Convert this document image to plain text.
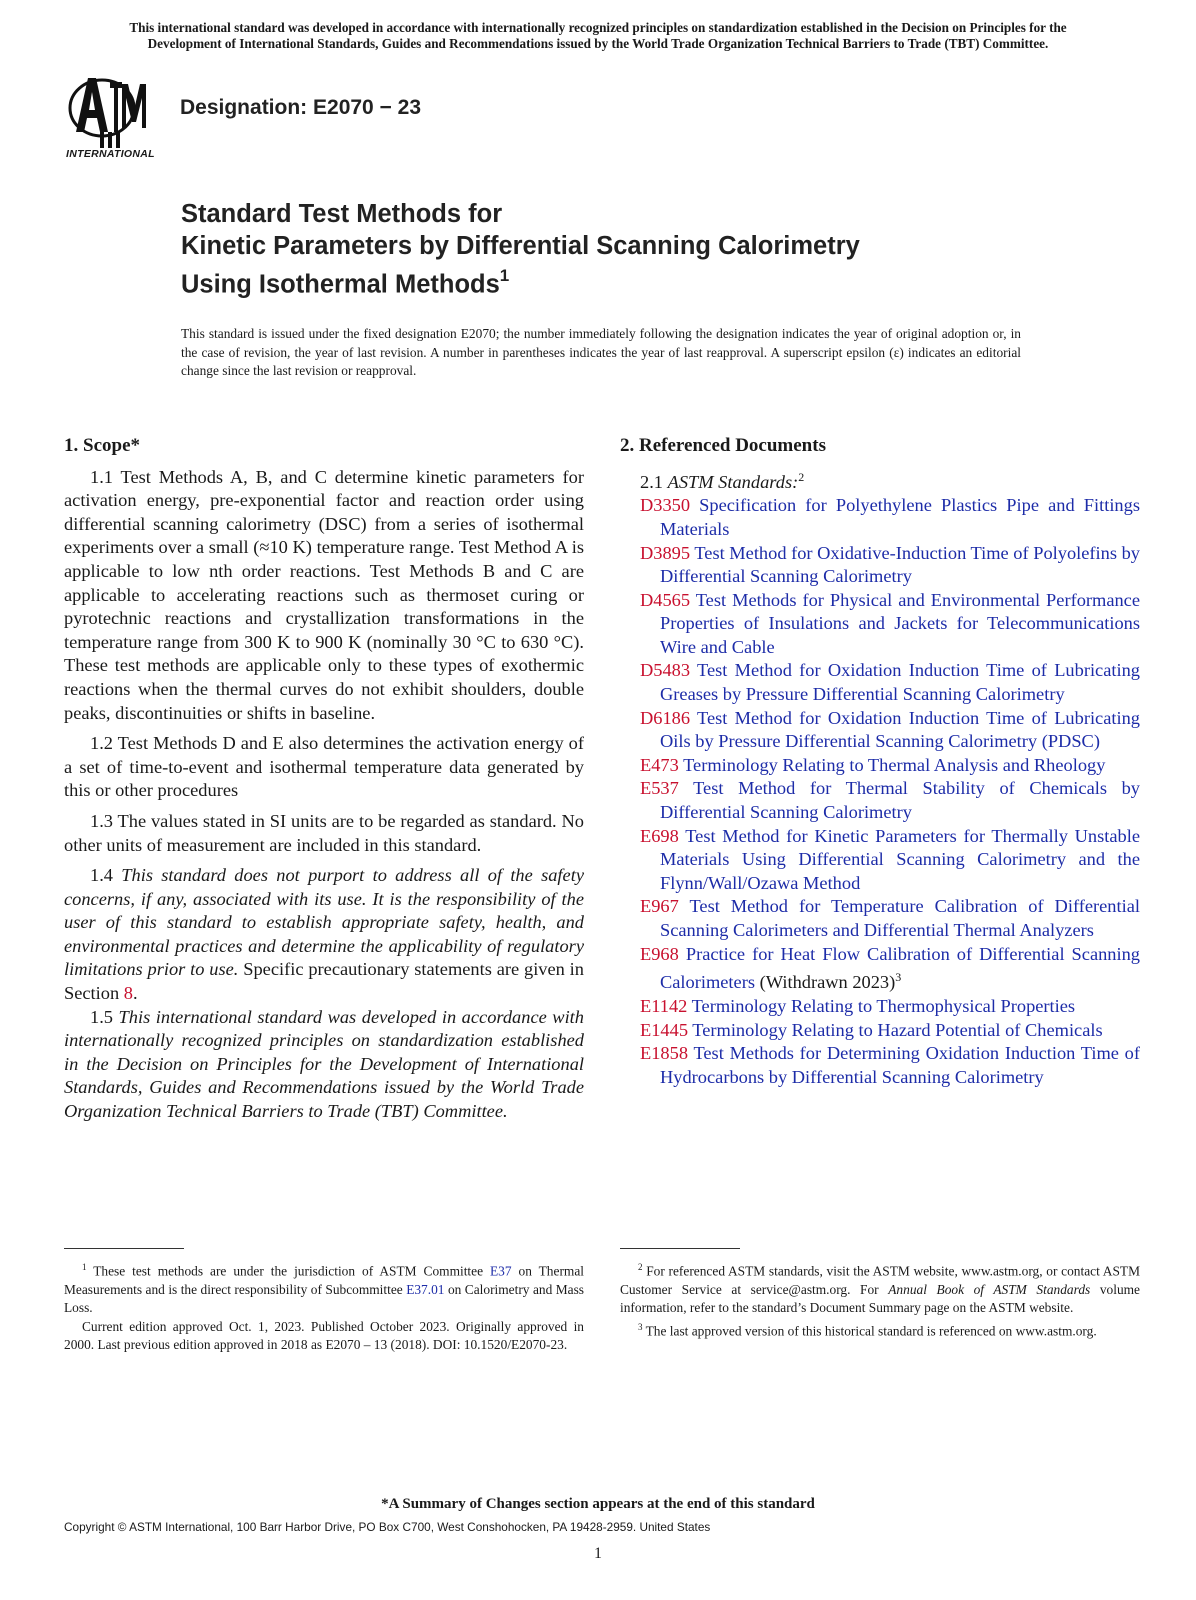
This international standard was developed in accordance with internationally recognized principles on standardization established in the Decision on Principles for the
Development of International Standards, Guides and Recommendations issued by the World Trade Organization Technical Barriers to Trade (TBT) Committee.
INTERNATIONAL
Designation: E2070 − 23
Standard Test Methods for
Kinetic Parameters by Differential Scanning Calorimetry
Using Isothermal Methods$^1$
This standard is issued under the fixed designation E2070; the number immediately following the designation indicates the year of original adoption or, in the case of revision, the year of last revision. A number in parentheses indicates the year of last reapproval. A superscript epsilon (ε) indicates an editorial change since the last revision or reapproval.
1. Scope*

1.1 Test Methods A, B, and C determine kinetic parameters for activation energy, pre-exponential factor and reaction order using differential scanning calorimetry (DSC) from a series of isothermal experiments over a small (≈10 K) temperature range. Test Method A is applicable to low nth order reactions. Test Methods B and C are applicable to accelerating reactions such as thermoset curing or pyrotechnic reactions and crystallization transformations in the temperature range from 300 K to 900 K (nominally 30 °C to 630 °C). These test methods are applicable only to these types of exothermic reactions when the thermal curves do not exhibit shoulders, double peaks, discontinuities or shifts in baseline.

1.2 Test Methods D and E also determines the activation energy of a set of time-to-event and isothermal temperature data generated by this or other procedures

1.3 The values stated in SI units are to be regarded as standard. No other units of measurement are included in this standard.

1.4 This standard does not purport to address all of the safety concerns, if any, associated with its use. It is the responsibility of the user of this standard to establish appropriate safety, health, and environmental practices and determine the applicability of regulatory limitations prior to use. Specific precautionary statements are given in Section 8.

1.5 This international standard was developed in accordance with internationally recognized principles on standardization established in the Decision on Principles for the Development of International Standards, Guides and Recommendations issued by the World Trade Organization Technical Barriers to Trade (TBT) Committee.

2. Referenced Documents
2.1 ASTM Standards:$^2$

D3350 Specification for Polyethylene Plastics Pipe and Fittings Materials

D3895 Test Method for Oxidative-Induction Time of Polyolefins by Differential Scanning Calorimetry

D4565 Test Methods for Physical and Environmental Performance Properties of Insulations and Jackets for Telecommunications Wire and Cable

D5483 Test Method for Oxidation Induction Time of Lubricating Greases by Pressure Differential Scanning Calorimetry

D6186 Test Method for Oxidation Induction Time of Lubricating Oils by Pressure Differential Scanning Calorimetry (PDSC)

E473 Terminology Relating to Thermal Analysis and Rheology

E537 Test Method for Thermal Stability of Chemicals by Differential Scanning Calorimetry

E698 Test Method for Kinetic Parameters for Thermally Unstable Materials Using Differential Scanning Calorimetry and the Flynn/Wall/Ozawa Method

E967 Test Method for Temperature Calibration of Differential Scanning Calorimeters and Differential Thermal Analyzers

E968 Practice for Heat Flow Calibration of Differential Scanning Calorimeters (Withdrawn 2023)$^3$

E1142 Terminology Relating to Thermophysical Properties

E1445 Terminology Relating to Hazard Potential of Chemicals

E1858 Test Methods for Determining Oxidation Induction Time of Hydrocarbons by Differential Scanning Calorimetry

$^1$ These test methods are under the jurisdiction of ASTM Committee E37 on Thermal Measurements and is the direct responsibility of Subcommittee E37.01 on Calorimetry and Mass Loss.

Current edition approved Oct. 1, 2023. Published October 2023. Originally approved in 2000. Last previous edition approved in 2018 as E2070 – 13 (2018). DOI: 10.1520/E2070-23.

$^2$ For referenced ASTM standards, visit the ASTM website, www.astm.org, or contact ASTM Customer Service at service@astm.org. For Annual Book of ASTM Standards volume information, refer to the standard’s Document Summary page on the ASTM website.

$^3$ The last approved version of this historical standard is referenced on www.astm.org.

*A Summary of Changes section appears at the end of this standard
Copyright © ASTM International, 100 Barr Harbor Drive, PO Box C700, West Conshohocken, PA 19428-2959. United States
1
